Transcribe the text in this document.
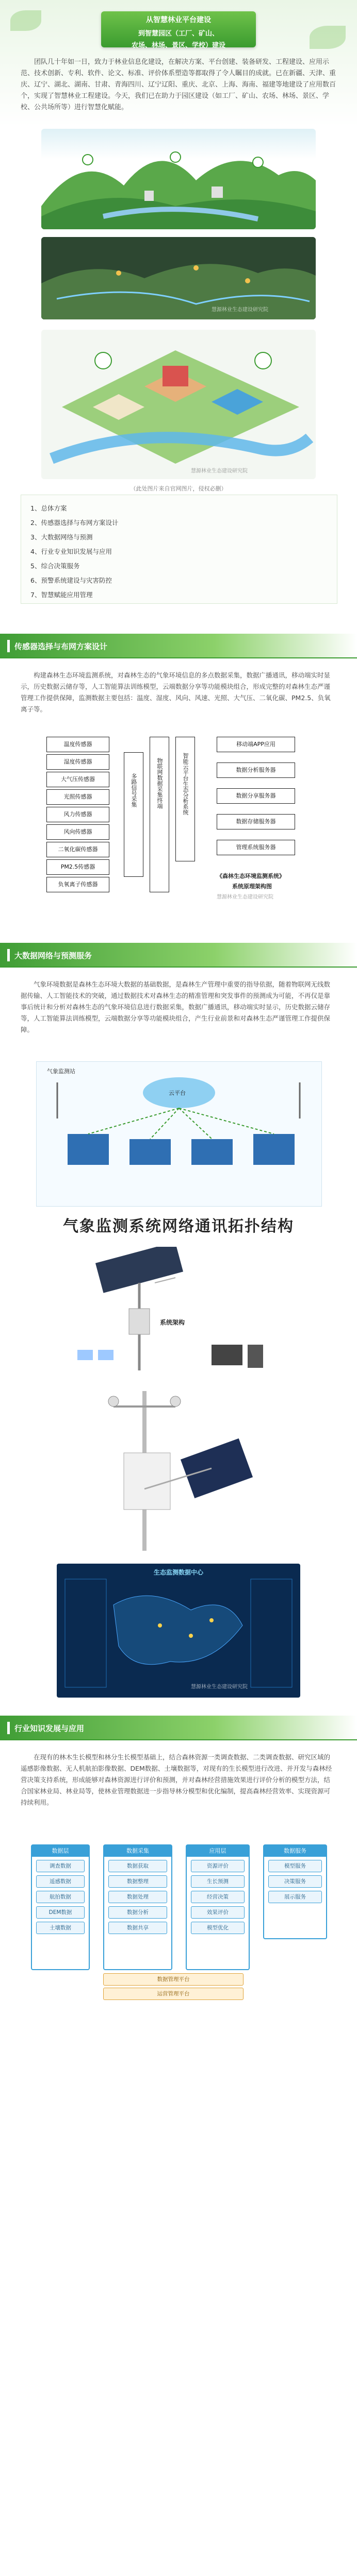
从智慧林业平台建设
到智慧园区（工厂、矿山、
农场、林场、景区、学校）建设
团队几十年如一日，致力于林业信息化建设，在解决方案、平台创建、装备研发、工程建设、应用示范、技术创新、专利、软件、论文、标准、评价体系塑造等都取得了令人瞩目的成就。已在新疆、天津、重庆、辽宁、湖北、湖南、甘肃、青海四川、辽宁辽阳、重庆、北京、上海、海南、福建等地建设了应用数百个，实现了智慧林业工程建设。今天，我们已在助力于园区建设（如工厂、矿山、农场、林场、景区、学校、公共场所等）进行智慧化赋能。
慧源林业生态建设研究院
慧源林业生态建设研究院
（此处图片来自官网图片，侵权必删）
1、总体方案
2、传感器选择与布网方案设计
3、大数据网络与预测
4、行业专业知识发展与应用
5、综合决策服务
6、预警系统建设与灾害防控
7、智慧赋能应用管理
传感器选择与布网方案设计
构建森林生态环境监测系统，对森林生态的气象环境信息的多点数据采集，数据广播通讯，移动端实时显示，历史数据云储存等，人工智能算法训练模型，云端数据分享等功能模块组合，形成完整的对森林生态严谨管理工作提供保障，监测数据主要包括：温度、湿度、风向、风速、光照、大气压、二氧化碳、PM2.5、负氧离子等。
温度传感器
湿度传感器
大气压传感器
光照传感器
风力传感器
风向传感器
二氧化碳传感器
PM2.5传感器
负氧离子传感器
多路信号采集	物联网数据采集终端	智能云平台生态分析系统
移动端APP应用
数据分析服务器
数据分享服务器
数据存储服务器
管理系统服务器
《森林生态环境监测系统》
系统原理架构图
慧源林业生态建设研究院
大数据网络与预测服务
气象环境数据是森林生态环境大数据的基础数据，是森林生产管理中重要的指导依据，随着物联网无线数据传输、人工智能技术的突破，通过数据技术对森林生态的精准管理和突发事件的预测成为可能，不再仅是靠事后统计和分析对森林生态的气象环境信息进行数据采集，数据广播通讯，移动端实时显示，历史数据云储存等，人工智能算法训练模型，云端数据分享等功能模块组合，产生行业前景和对森林生态严谨管理工作提供保障。
气象监测站
云平台
气象监测系统网络通讯拓扑结构
系统架构
生态监测数据中心
慧源林业生态建设研究院
行业知识发展与应用
在现有的林木生长模型和林分生长模型基础上，结合森林资源一类调查数据、二类调查数据、研究区域的遥感影像数据、无人机航拍影像数据、DEM数据、土壤数据等，对现有的生长模型进行改进、并开发与森林经营决策支持系统，形成能够对森林资源进行评价和预测，并对森林经营措施效果进行评价分析的模型方法，结合国家林业局、林业局等，使林业管理数据进一步指导林分模型和优化编制，提高森林经营效率、实现资源可持续利用。
数据层
调查数据
遥感数据
航拍数据
DEM数据
土壤数据
数据采集
数据获取
数据整理
数据处理
数据分析
数据共享
应用层
资源评价
生长预测
经营决策
效果评价
模型优化
数据服务
模型服务
决策服务
展示服务
数据管理平台
运营管理平台
